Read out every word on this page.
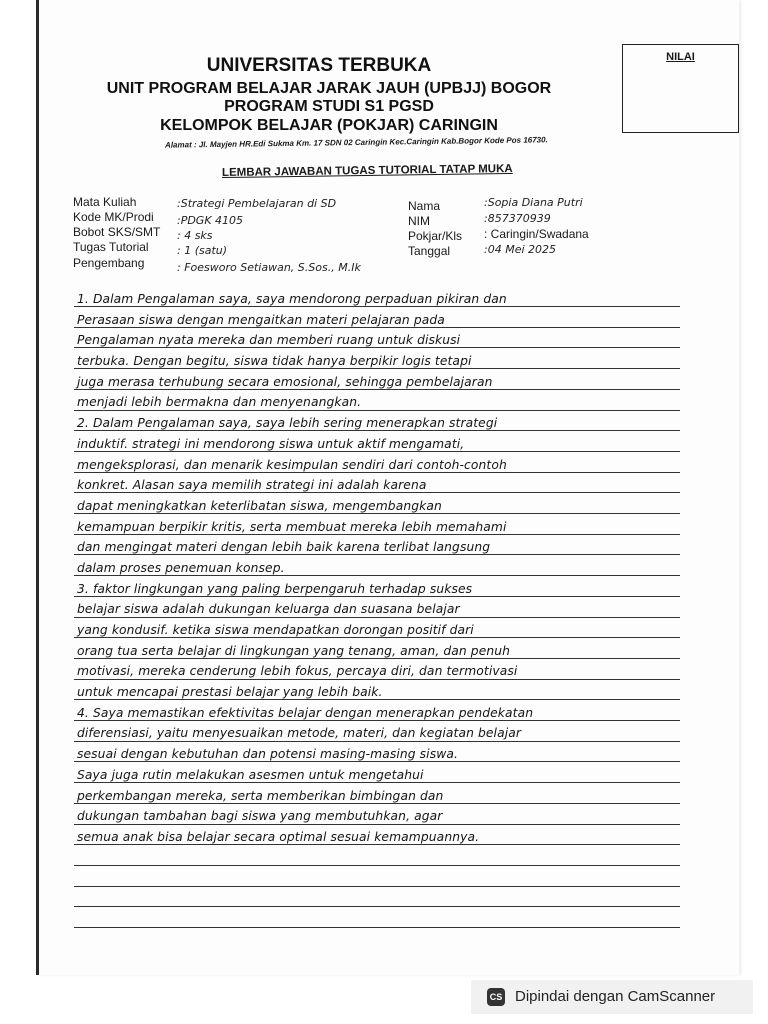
NILAI
UNIVERSITAS TERBUKA
UNIT PROGRAM BELAJAR JARAK JAUH (UPBJJ) BOGOR
PROGRAM STUDI S1 PGSD
KELOMPOK BELAJAR (POKJAR) CARINGIN
Alamat : Jl. Mayjen HR.Edi Sukma Km. 17 SDN 02 Caringin Kec.Caringin Kab.Bogor Kode Pos 16730.
LEMBAR JAWABAN TUGAS TUTORIAL TATAP MUKA
Mata Kuliah	:Strategi Pembelajaran di SD
Kode MK/Prodi :PDGK 4105
Bobot SKS/SMT : 4 sks
Tugas Tutorial	: 1 (satu)
Pengembang	: Foesworo Setiawan, S.Sos., M.Ik
Nama	:Sopia Diana Putri
NIM	:857370939
Pokjar/Kls : Caringin/Swadana
Tanggal	:04 Mei 2025
1. Dalam Pengalaman saya, saya mendorong perpaduan pikiran dan
Perasaan siswa dengan mengaitkan materi pelajaran pada
Pengalaman nyata mereka dan memberi ruang untuk diskusi
terbuka. Dengan begitu, siswa tidak hanya berpikir logis tetapi
juga merasa terhubung secara emosional, sehingga pembelajaran
menjadi lebih bermakna dan menyenangkan.
2. Dalam Pengalaman saya, saya lebih sering menerapkan strategi
induktif. strategi ini mendorong siswa untuk aktif mengamati,
mengeksplorasi, dan menarik kesimpulan sendiri dari contoh-contoh
konkret. Alasan saya memilih strategi ini adalah karena
dapat meningkatkan keterlibatan siswa, mengembangkan
kemampuan berpikir kritis, serta membuat mereka lebih memahami
dan mengingat materi dengan lebih baik karena terlibat langsung
dalam proses penemuan konsep.
3. faktor lingkungan yang paling berpengaruh terhadap sukses
belajar siswa adalah dukungan keluarga dan suasana belajar
yang kondusif. ketika siswa mendapatkan dorongan positif dari
orang tua serta belajar di lingkungan yang tenang, aman, dan penuh
motivasi, mereka cenderung lebih fokus, percaya diri, dan termotivasi
untuk mencapai prestasi belajar yang lebih baik.
4. Saya memastikan efektivitas belajar dengan menerapkan pendekatan
diferensiasi, yaitu menyesuaikan metode, materi, dan kegiatan belajar
sesuai dengan kebutuhan dan potensi masing-masing siswa.
Saya juga rutin melakukan asesmen untuk mengetahui
perkembangan mereka, serta memberikan bimbingan dan
dukungan tambahan bagi siswa yang membutuhkan, agar
semua anak bisa belajar secara optimal sesuai kemampuannya.
CS Dipindai dengan CamScanner
